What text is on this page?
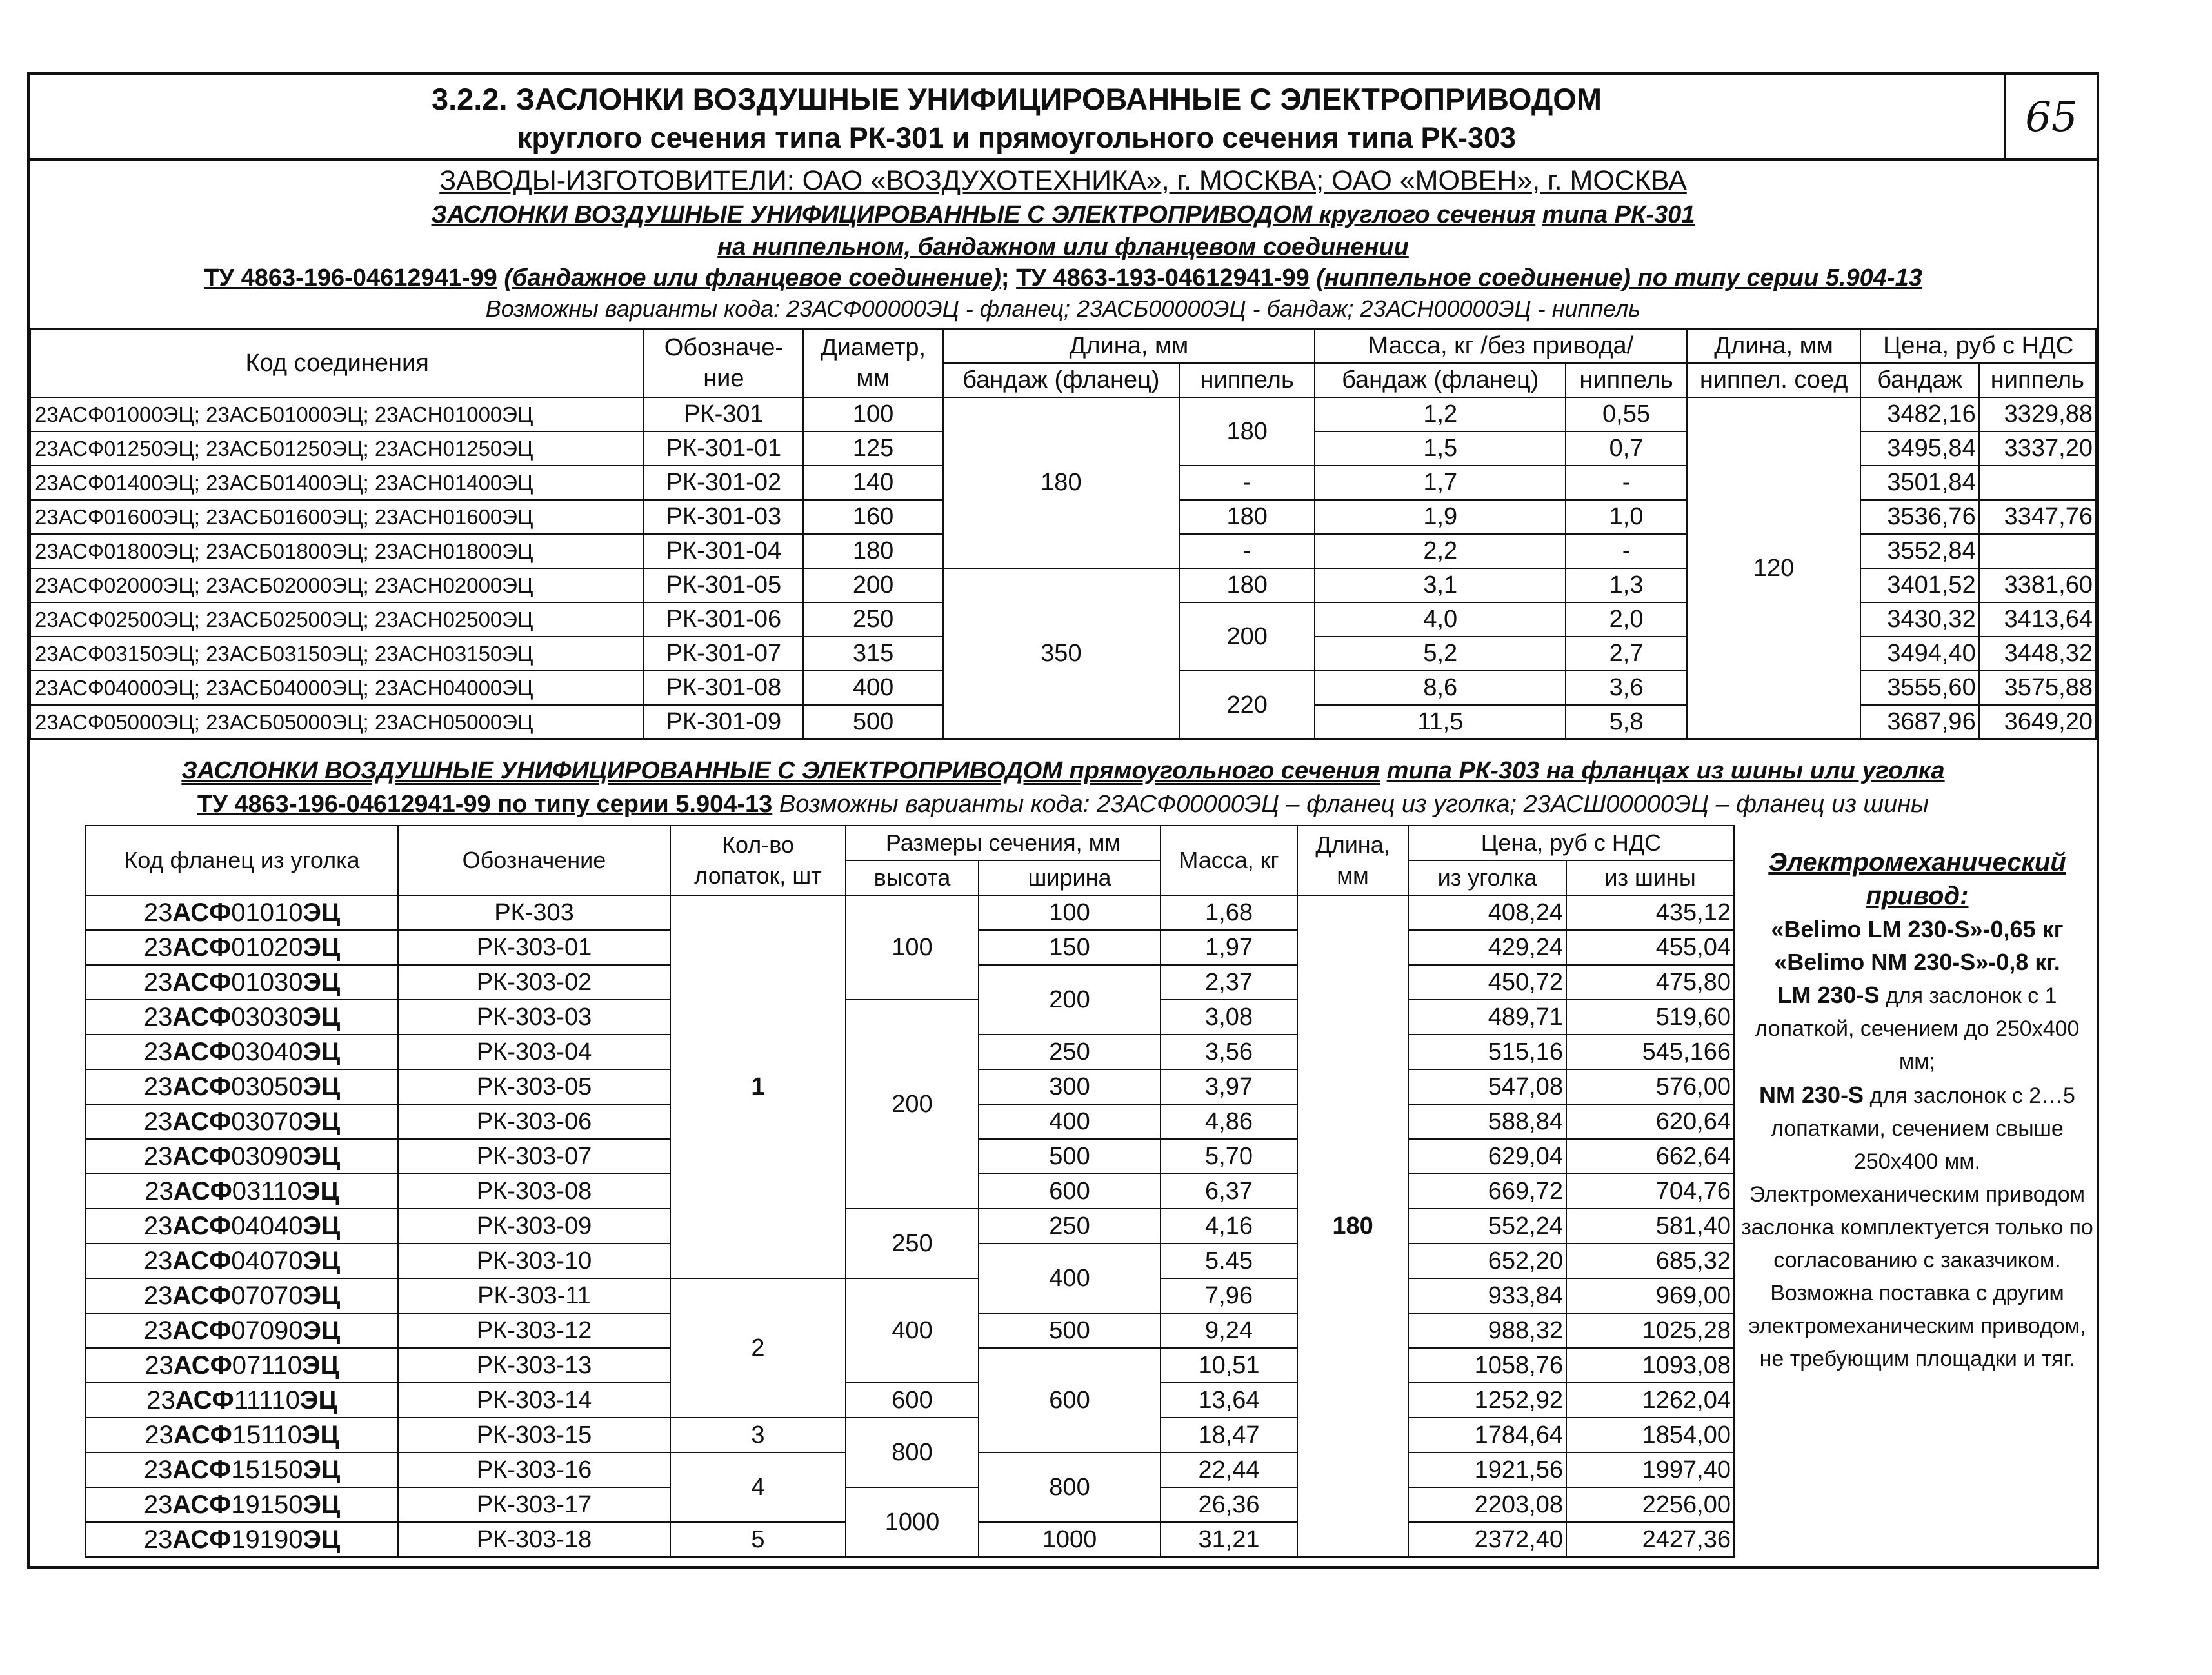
3.2.2. ЗАСЛОНКИ ВОЗДУШНЫЕ УНИФИЦИРОВАННЫЕ С ЭЛЕКТРОПРИВОДОМ
круглого сечения типа РК-301 и прямоугольного сечения типа РК-303	65
ЗАВОДЫ-ИЗГОТОВИТЕЛИ: ОАО «ВОЗДУХОТЕХНИКА», г. МОСКВА; ОАО «МОВЕН», г. МОСКВА
ЗАСЛОНКИ ВОЗДУШНЫЕ УНИФИЦИРОВАННЫЕ С ЭЛЕКТРОПРИВОДОМ круглого сечения типа РК-301
на ниппельном, бандажном или фланцевом соединении
ТУ 4863-196-04612941-99 (бандажное или фланцевое соединение); ТУ 4863-193-04612941-99 (ниппельное соединение) по типу серии 5.904-13
Возможны варианты кода: 23АСФ00000ЭЦ - фланец; 23АСБ00000ЭЦ - бандаж; 23АСН00000ЭЦ - ниппель
Код соединения	Обозначе-ние	Диаметр, мм	Длина, мм		Масса, кг /без привода/		Длина, мм	Цена, руб с НДС	
			бандаж (фланец)	ниппель	бандаж (фланец)	ниппель	ниппел. соед	бандаж	ниппель
23АСФ01000ЭЦ; 23АСБ01000ЭЦ; 23АСН01000ЭЦ	РК-301	100	180	180	1,2	0,55	120	3482,16	3329,88
23АСФ01250ЭЦ; 23АСБ01250ЭЦ; 23АСН01250ЭЦ	РК-301-01	125			1,5	0,7		3495,84	3337,20
23АСФ01400ЭЦ; 23АСБ01400ЭЦ; 23АСН01400ЭЦ	РК-301-02	140		-	1,7	-		3501,84	
23АСФ01600ЭЦ; 23АСБ01600ЭЦ; 23АСН01600ЭЦ	РК-301-03	160		180	1,9	1,0		3536,76	3347,76
23АСФ01800ЭЦ; 23АСБ01800ЭЦ; 23АСН01800ЭЦ	РК-301-04	180		-	2,2	-		3552,84	
23АСФ02000ЭЦ; 23АСБ02000ЭЦ; 23АСН02000ЭЦ	РК-301-05	200	350	180	3,1	1,3		3401,52	3381,60
23АСФ02500ЭЦ; 23АСБ02500ЭЦ; 23АСН02500ЭЦ	РК-301-06	250		200	4,0	2,0		3430,32	3413,64
23АСФ03150ЭЦ; 23АСБ03150ЭЦ; 23АСН03150ЭЦ	РК-301-07	315			5,2	2,7		3494,40	3448,32
23АСФ04000ЭЦ; 23АСБ04000ЭЦ; 23АСН04000ЭЦ	РК-301-08	400		220	8,6	3,6		3555,60	3575,88
23АСФ05000ЭЦ; 23АСБ05000ЭЦ; 23АСН05000ЭЦ	РК-301-09	500			11,5	5,8		3687,96	3649,20
ЗАСЛОНКИ ВОЗДУШНЫЕ УНИФИЦИРОВАННЫЕ С ЭЛЕКТРОПРИВОДОМ прямоугольного сечения типа РК-303 на фланцах из шины или уголка
ТУ 4863-196-04612941-99 по типу серии 5.904-13 Возможны варианты кода: 23АСФ00000ЭЦ – фланец из уголка; 23АСШ00000ЭЦ – фланец из шины
Код фланец из уголка	Обозначение	Кол-во лопаток, шт	Размеры сечения, мм		Масса, кг	Длина, мм	Цена, руб с НДС	
			высота	ширина			из уголка	из шины
23АСФ01010ЭЦ	РК-303	1	100	100	1,68	180	408,24	435,12
23АСФ01020ЭЦ	РК-303-01			150	1,97		429,24	455,04
23АСФ01030ЭЦ	РК-303-02			200	2,37		450,72	475,80
23АСФ03030ЭЦ	РК-303-03		200		3,08		489,71	519,60
23АСФ03040ЭЦ	РК-303-04			250	3,56		515,16	545,166
23АСФ03050ЭЦ	РК-303-05			300	3,97		547,08	576,00
23АСФ03070ЭЦ	РК-303-06			400	4,86		588,84	620,64
23АСФ03090ЭЦ	РК-303-07			500	5,70		629,04	662,64
23АСФ03110ЭЦ	РК-303-08			600	6,37		669,72	704,76
23АСФ04040ЭЦ	РК-303-09		250	250	4,16		552,24	581,40
23АСФ04070ЭЦ	РК-303-10			400	5.45		652,20	685,32
23АСФ07070ЭЦ	РК-303-11	2	400		7,96		933,84	969,00
23АСФ07090ЭЦ	РК-303-12			500	9,24		988,32	1025,28
23АСФ07110ЭЦ	РК-303-13			600	10,51		1058,76	1093,08
23АСФ11110ЭЦ	РК-303-14		600		13,64		1252,92	1262,04
23АСФ15110ЭЦ	РК-303-15	3	800		18,47		1784,64	1854,00
23АСФ15150ЭЦ	РК-303-16	4		800	22,44		1921,56	1997,40
23АСФ19150ЭЦ	РК-303-17		1000		26,36		2203,08	2256,00
23АСФ19190ЭЦ	РК-303-18	5		1000	31,21		2372,40	2427,36
Электромеханический привод:
«Belimo LM 230-S»-0,65 кг
«Belimo NM 230-S»-0,8 кг.
LM 230-S для заслонок с 1 лопаткой, сечением до 250х400 мм;
NM 230-S для заслонок с 2…5 лопатками, сечением свыше 250х400 мм.
Электромеханическим приводом заслонка комплектуется только по согласованию с заказчиком. Возможна поставка с другим электромеханическим приводом, не требующим площадки и тяг.
